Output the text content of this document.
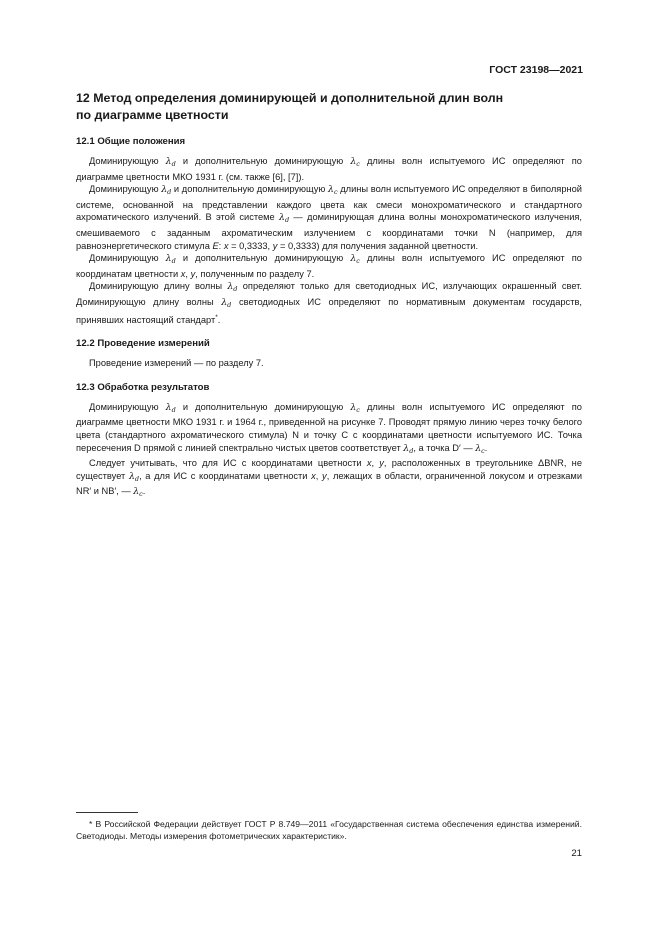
ГОСТ 23198—2021
12 Метод определения доминирующей и дополнительной длин волн
по диаграмме цветности
12.1 Общие положения

Доминирующую $\lambda_d$ и дополнительную доминирующую $\lambda_c$ длины волн испытуемого ИС определяют по диаграмме цветности МКО 1931 г. (см. также [6], [7]).

Доминирующую $\lambda_d$ и дополнительную доминирующую $\lambda_c$ длины волн испытуемого ИС определяют в биполярной системе, основанной на представлении каждого цвета как смеси монохроматического и стандартного ахроматического излучений. В этой системе $\lambda_d$ — доминирующая длина волны монохроматического излучения, смешиваемого с заданным ахроматическим излучением с координатами точки N (например, для равноэнергетического стимула E: x = 0,3333, y = 0,3333) для получения заданной цветности.

Доминирующую $\lambda_d$ и дополнительную доминирующую $\lambda_c$ длины волн испытуемого ИС определяют по координатам цветности x, y, полученным по разделу 7.

Доминирующую длину волны $\lambda_d$ определяют только для светодиодных ИС, излучающих окрашенный свет. Доминирующую длину волны $\lambda_d$ светодиодных ИС определяют по нормативным документам государств, принявших настоящий стандарт*.

12.2 Проведение измерений

Проведение измерений — по разделу 7.

12.3 Обработка результатов

Доминирующую $\lambda_d$ и дополнительную доминирующую $\lambda_c$ длины волн испытуемого ИС определяют по диаграмме цветности МКО 1931 г. и 1964 г., приведенной на рисунке 7. Проводят прямую линию через точку белого цвета (стандартного ахроматического стимула) N и точку C с координатами цветности испытуемого ИС. Точка пересечения D прямой с линией спектрально чистых цветов соответствует $\lambda_d$, а точка D′ — $\lambda_c$.

Следует учитывать, что для ИС с координатами цветности x, y, расположенных в треугольнике ΔBNR, не существует $\lambda_d$, а для ИС с координатами цветности x, y, лежащих в области, ограниченной локусом и отрезками NR′ и NB′, — $\lambda_c$.

* В Российской Федерации действует ГОСТ Р 8.749—2011 «Государственная система обеспечения единства измерений. Светодиоды. Методы измерения фотометрических характеристик».
21
